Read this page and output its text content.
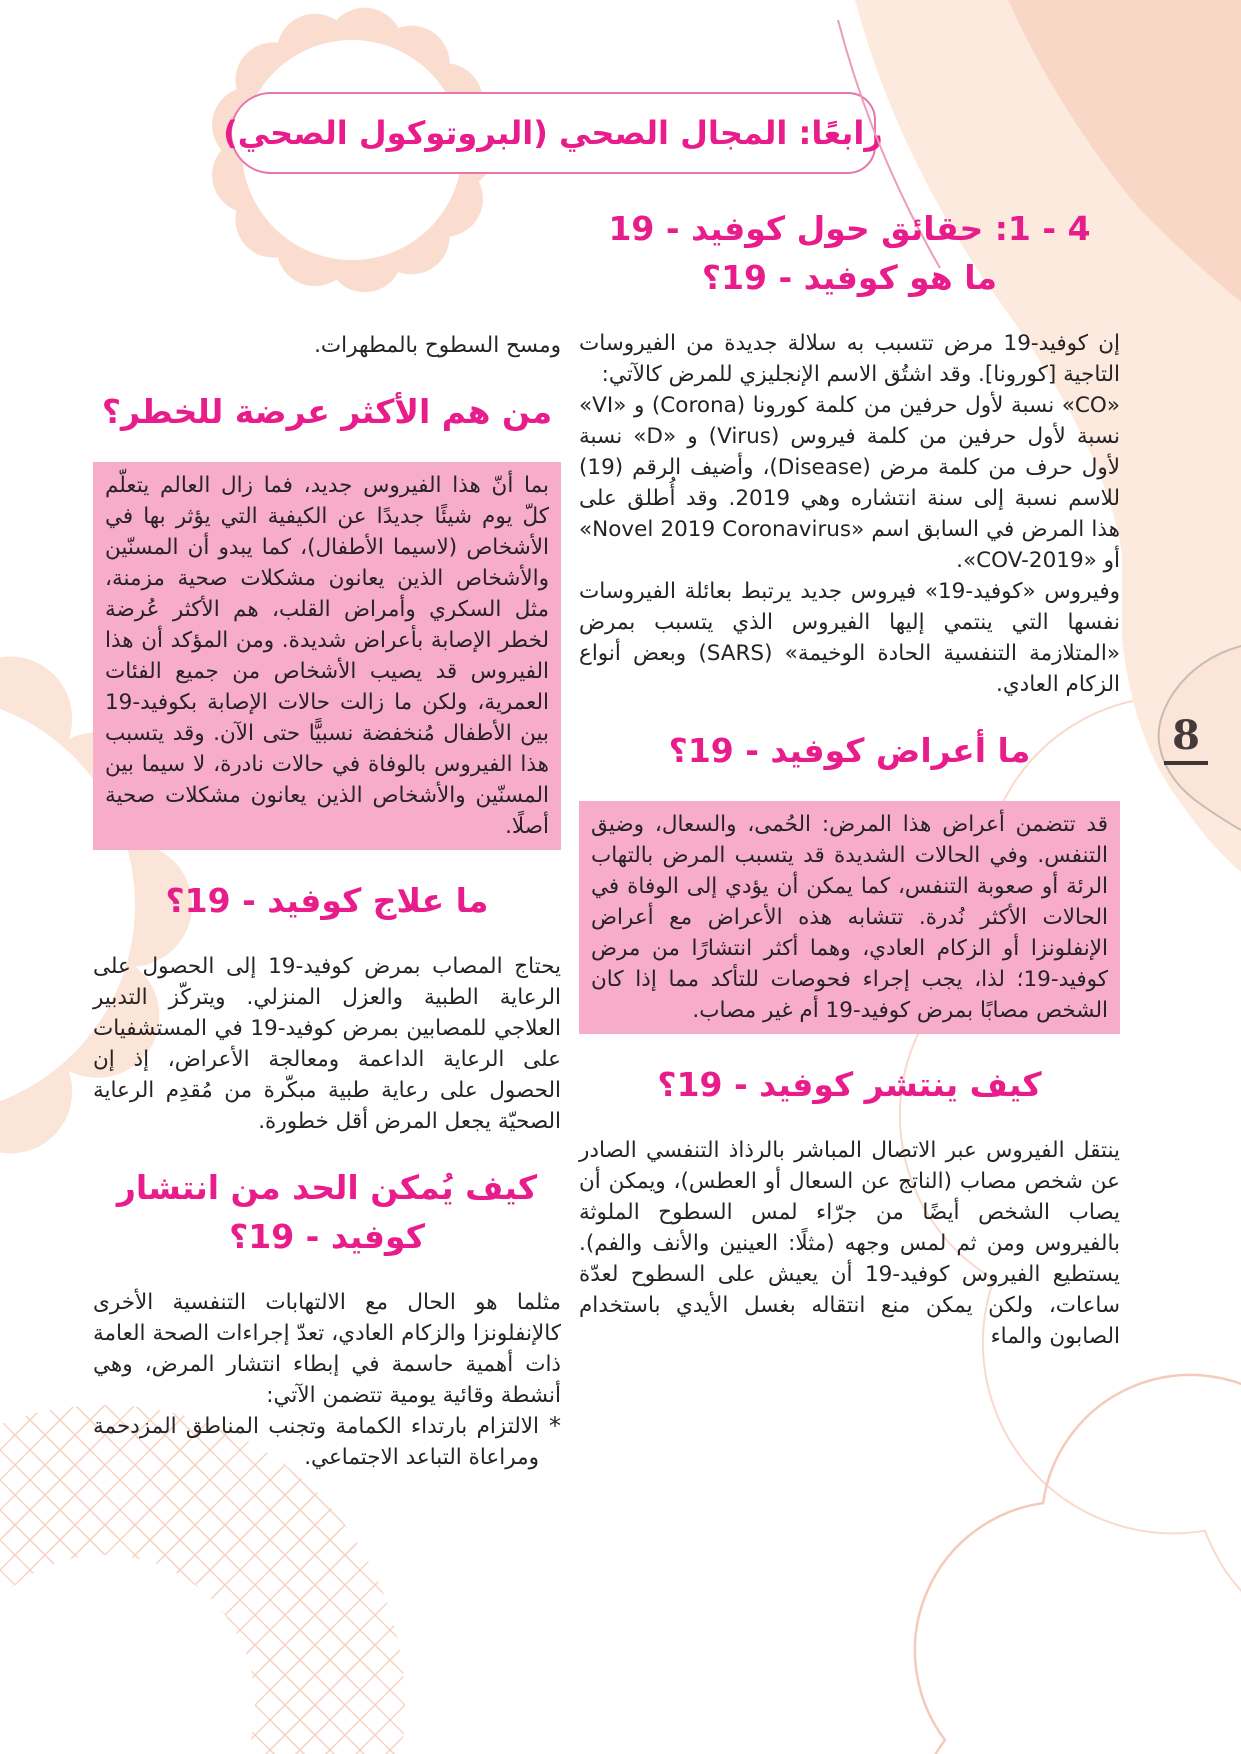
رابعًا: المجال الصحي (البروتوكول الصحي)
8
4 - 1: حقائق حول كوفيد - 19
ما هو كوفيد - 19؟

إن كوفيد-19 مرض تتسبب به سلالة جديدة من الفيروسات التاجية [كورونا]. وقد اشتُق الاسم الإنجليزي للمرض كالآتي:

«CO» نسبة لأول حرفين من كلمة كورونا (Corona) و «VI» نسبة لأول حرفين من كلمة فيروس (Virus) و «D» نسبة لأول حرف من كلمة مرض (Disease)، وأضيف الرقم (19) للاسم نسبة إلى سنة انتشاره وهي 2019. وقد أُطلق على هذا المرض في السابق اسم «Novel 2019 Coronavirus» أو «COV-2019».

وفيروس «كوفيد-19» فيروس جديد يرتبط بعائلة الفيروسات نفسها التي ينتمي إليها الفيروس الذي يتسبب بمرض «المتلازمة التنفسية الحادة الوخيمة» (SARS) وبعض أنواع الزكام العادي.

ما أعراض كوفيد - 19؟

قد تتضمن أعراض هذا المرض: الحُمى، والسعال، وضيق التنفس. وفي الحالات الشديدة قد يتسبب المرض بالتهاب الرئة أو صعوبة التنفس، كما يمكن أن يؤدي إلى الوفاة في الحالات الأكثر نُدرة. تتشابه هذه الأعراض مع أعراض الإنفلونزا أو الزكام العادي، وهما أكثر انتشارًا من مرض كوفيد-19؛ لذا، يجب إجراء فحوصات للتأكد مما إذا كان الشخص مصابًا بمرض كوفيد-19 أم غير مصاب.

كيف ينتشر كوفيد - 19؟

ينتقل الفيروس عبر الاتصال المباشر بالرذاذ التنفسي الصادر عن شخص مصاب (الناتج عن السعال أو العطس)، ويمكن أن يصاب الشخص أيضًا من جرّاء لمس السطوح الملوثة بالفيروس ومن ثم لمس وجهه (مثلًا: العينين والأنف والفم). يستطيع الفيروس كوفيد-19 أن يعيش على السطوح لعدّة ساعات، ولكن يمكن منع انتقاله بغسل الأيدي باستخدام الصابون والماء

ومسح السطوح بالمطهرات.

من هم الأكثر عرضة للخطر؟

بما أنّ هذا الفيروس جديد، فما زال العالم يتعلّم كلّ يوم شيئًا جديدًا عن الكيفية التي يؤثر بها في الأشخاص (لاسيما الأطفال)، كما يبدو أن المسنّين والأشخاص الذين يعانون مشكلات صحية مزمنة، مثل السكري وأمراض القلب، هم الأكثر عُرضة لخطر الإصابة بأعراض شديدة. ومن المؤكد أن هذا الفيروس قد يصيب الأشخاص من جميع الفئات العمرية، ولكن ما زالت حالات الإصابة بكوفيد-19 بين الأطفال مُنخفضة نسبيًّا حتى الآن. وقد يتسبب هذا الفيروس بالوفاة في حالات نادرة، لا سيما بين المسنّين والأشخاص الذين يعانون مشكلات صحية أصلًا.

ما علاج كوفيد - 19؟

يحتاج المصاب بمرض كوفيد-19 إلى الحصول على الرعاية الطبية والعزل المنزلي. ويتركّز التدبير العلاجي للمصابين بمرض كوفيد-19 في المستشفيات على الرعاية الداعمة ومعالجة الأعراض، إذ إن الحصول على رعاية طبية مبكّرة من مُقدِم الرعاية الصحيّة يجعل المرض أقل خطورة.

كيف يُمكن الحد من انتشار
كوفيد - 19؟

مثلما هو الحال مع الالتهابات التنفسية الأخرى كالإنفلونزا والزكام العادي، تعدّ إجراءات الصحة العامة ذات أهمية حاسمة في إبطاء انتشار المرض، وهي أنشطة وقائية يومية تتضمن الآتي:

*
الالتزام بارتداء الكمامة وتجنب المناطق المزدحمة ومراعاة التباعد الاجتماعي.
